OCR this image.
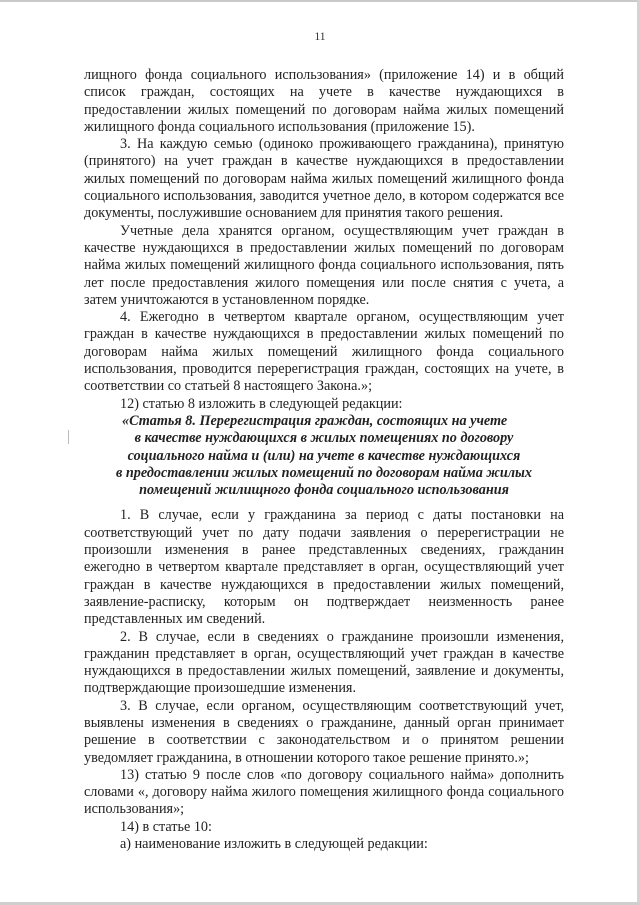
11

лищного фонда социального использования» (приложение 14) и в общий список граждан, состоящих на учете в качестве нуждающихся в предоставлении жилых помещений по договорам найма жилых помещений жилищного фонда социального использования (приложение 15).

3. На каждую семью (одиноко проживающего гражданина), принятую (принятого) на учет граждан в качестве нуждающихся в предоставлении жилых помещений по договорам найма жилых помещений жилищного фонда социального использования, заводится учетное дело, в котором содержатся все документы, послужившие основанием для принятия такого решения.

Учетные дела хранятся органом, осуществляющим учет граждан в качестве нуждающихся в предоставлении жилых помещений по договорам найма жилых помещений жилищного фонда социального использования, пять лет после предоставления жилого помещения или после снятия с учета, а затем уничтожаются в установленном порядке.

4. Ежегодно в четвертом квартале органом, осуществляющим учет граждан в качестве нуждающихся в предоставлении жилых помещений по договорам найма жилых помещений жилищного фонда социального использования, проводится перерегистрация граждан, состоящих на учете, в соответствии со статьей 8 настоящего Закона.»;

12) статью 8 изложить в следующей редакции:

«Статья 8. Перерегистрация граждан, состоящих на учете
в качестве нуждающихся в жилых помещениях по договору
социального найма и (или) на учете в качестве нуждающихся
в предоставлении жилых помещений по договорам найма жилых
помещений жилищного фонда социального использования

1. В случае, если у гражданина за период с даты постановки на соответствующий учет по дату подачи заявления о перерегистрации не произошли изменения в ранее представленных сведениях, гражданин ежегодно в четвертом квартале представляет в орган, осуществляющий учет граждан в качестве нуждающихся в предоставлении жилых помещений, заявление-расписку, которым он подтверждает неизменность ранее представленных им сведений.

2. В случае, если в сведениях о гражданине произошли изменения, гражданин представляет в орган, осуществляющий учет граждан в качестве нуждающихся в предоставлении жилых помещений, заявление и документы, подтверждающие произошедшие изменения.

3. В случае, если органом, осуществляющим соответствующий учет, выявлены изменения в сведениях о гражданине, данный орган принимает решение в соответствии с законодательством и о принятом решении уведомляет гражданина, в отношении которого такое решение принято.»;

13) статью 9 после слов «по договору социального найма» дополнить словами «, договору найма жилого помещения жилищного фонда социального использования»;

14) в статье 10:

а) наименование изложить в следующей редакции:
